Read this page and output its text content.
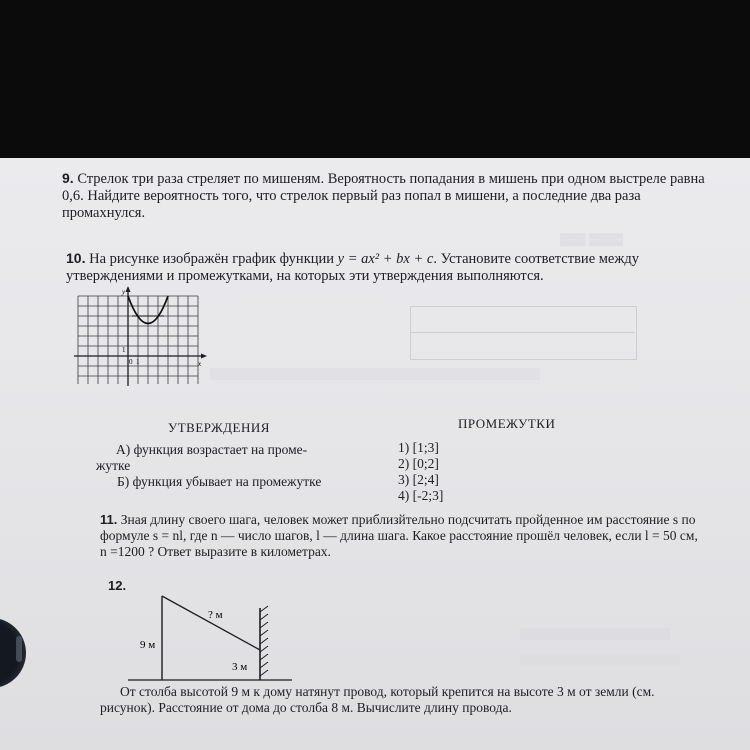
▒▒▒ ▒▒▒▒
9. Стрелок три раза стреляет по мишеням. Вероятность попадания в мишень при одном выстреле равна 0,6. Найдите вероятность того, что стрелок первый раз попал в мишени, а последние два раза промахнулся.
10. На рисунке изображён график функции y = ax² + bx + c. Установите соответствие между утверждениями и промежутками, на которых эти утверждения выполняются.
y
x
0 1
1
УТВЕРЖДЕНИЯ	ПРОМЕЖУТКИ
А) функция возрастает на проме-
жутке
Б) функция убывает на промежутке
1) [1;3]
2) [0;2]
3) [2;4]
4) [-2;3]
11. Зная длину своего шага, человек может приблизйтельно подсчитать пройденное им расстояние s по формуле s = nl, где n — число шагов, l — длина шага. Какое расстояние прошёл человек, если l = 50 см, n =1200 ? Ответ выразите в километрах.
12.
? м
9 м
3 м
От столба высотой 9 м к дому натянут провод, который крепится на высоте 3 м от земли (см. рисунок). Расстояние от дома до столба 8 м. Вычислите длину провода.
